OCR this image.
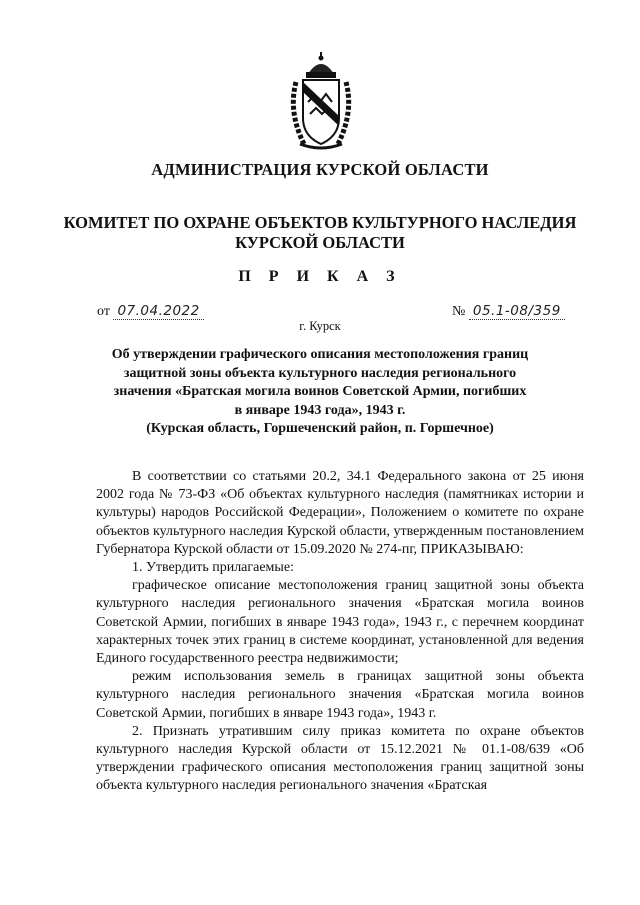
АДМИНИСТРАЦИЯ КУРСКОЙ ОБЛАСТИ
КОМИТЕТ ПО ОХРАНЕ ОБЪЕКТОВ КУЛЬТУРНОГО НАСЛЕДИЯ
КУРСКОЙ ОБЛАСТИ
П Р И К А З
от 07.04.2022	№ 05.1-08/359
г. Курск
Об утверждении графического описания местоположения границ
защитной зоны объекта культурного наследия регионального
значения «Братская могила воинов Советской Армии, погибших
в январе 1943 года», 1943 г.
(Курская область, Горшеченский район, п. Горшечное)

В соответствии со статьями 20.2, 34.1 Федерального закона от 25 июня 2002 года № 73-ФЗ «Об объектах культурного наследия (памятниках истории и культуры) народов Российской Федерации», Положением о комитете по охране объектов культурного наследия Курской области, утвержденным постановлением Губернатора Курской области от 15.09.2020 № 274-пг, ПРИКАЗЫВАЮ:

1. Утвердить прилагаемые:

графическое описание местоположения границ защитной зоны объекта культурного наследия регионального значения «Братская могила воинов Советской Армии, погибших в январе 1943 года», 1943 г., с перечнем координат характерных точек этих границ в системе координат, установленной для ведения Единого государственного реестра недвижимости;

режим использования земель в границах защитной зоны объекта культурного наследия регионального значения «Братская могила воинов Советской Армии, погибших в январе 1943 года», 1943 г.

2. Признать утратившим силу приказ комитета по охране объектов культурного наследия Курской области от 15.12.2021 № 01.1-08/639 «Об утверждении графического описания местоположения границ защитной зоны объекта культурного наследия регионального значения «Братская
